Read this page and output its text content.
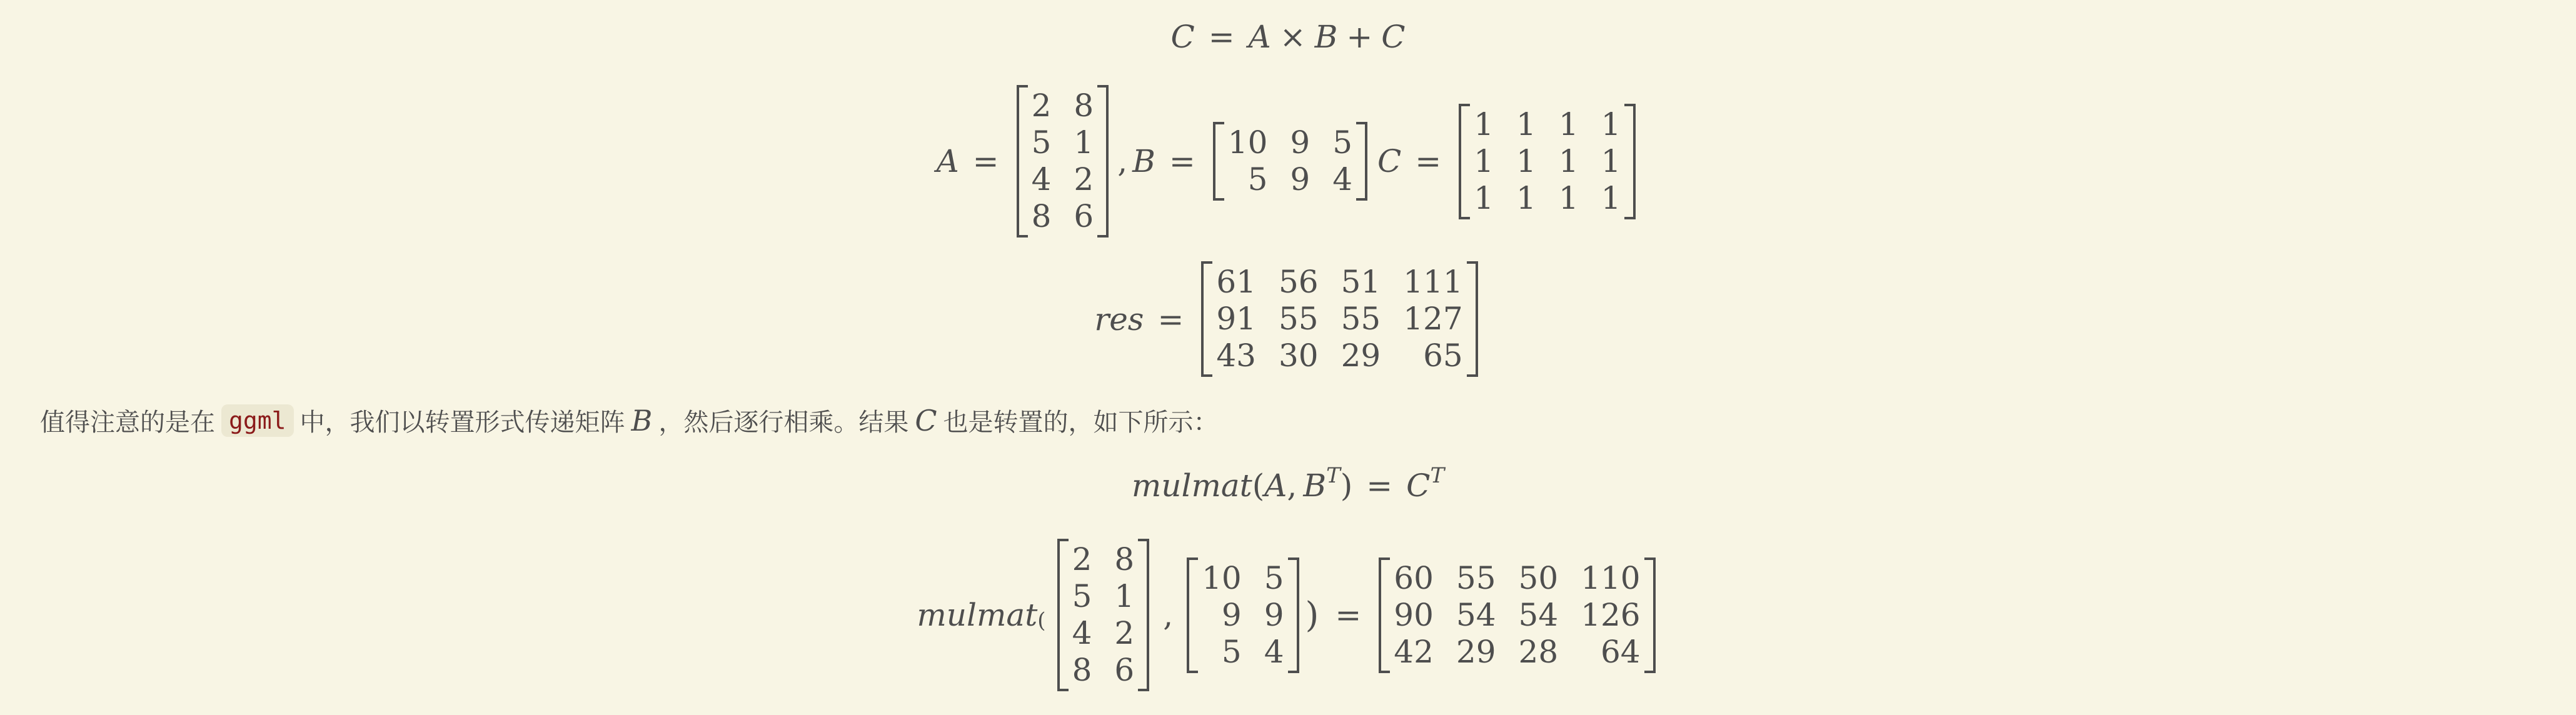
C = A × B + C
A =
2	8
5	1
4	2
8	6
, B =
10	9	5
5	9	4 C =
1	1	1	1
1	1	1	1
1	1	1	1
res =
61	56	51	111
91	55	55	127
43	30	29	65
值得注意的是在 ggml 中，我们以转置形式传递矩阵 B ，然后逐行相乘。结果 C 也是转置的，如下所示：
mulmat ( A , $B^T$ ) = $C^T$
mulmat (
2	8
5	1
4	2
8	6
,
10	5
9	9
5	4
) =
60	55	50	110
90	54	54	126
42	29	28	64
